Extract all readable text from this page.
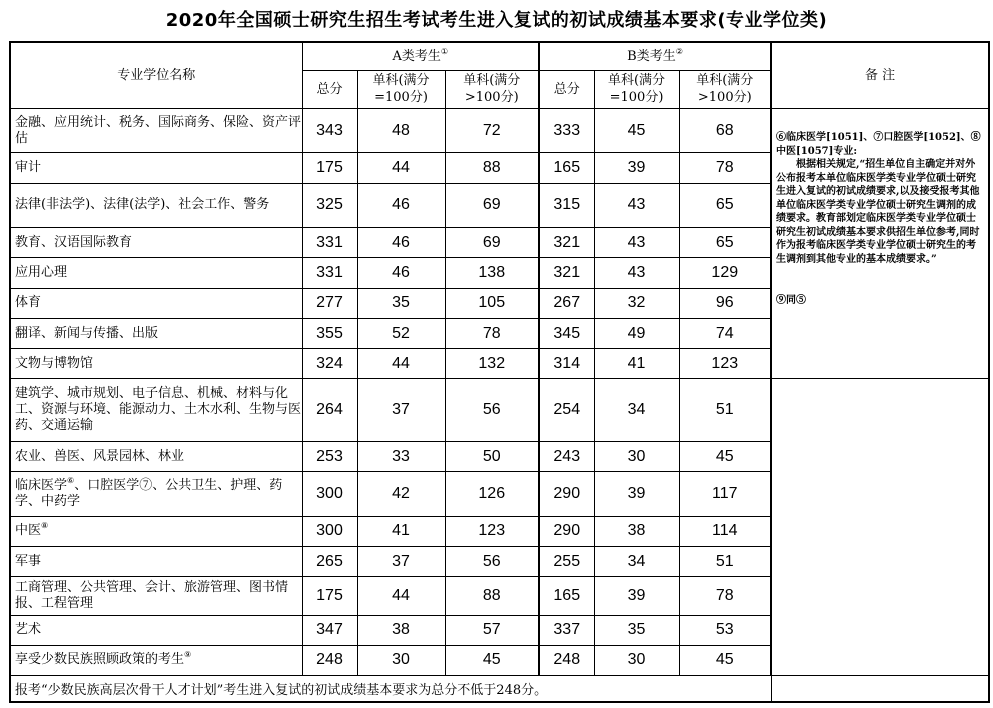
2020年全国硕士研究生招生考试考生进入复试的初试成绩基本要求(专业学位类)
专业学位名称	A类考生①			B类考生②			备 注
	总分	单科(满分=100分)	单科(满分>100分)	总分	单科(满分=100分)	单科(满分>100分)	
金融、应用统计、税务、国际商务、保险、资产评估	343	48	72	333	45	68	⑥临床医学[1051]、⑦口腔医学[1052]、⑧中医[1057]专业:

根据相关规定,“招生单位自主确定并对外公布报考本单位临床医学类专业学位硕士研究生进入复试的初试成绩要求,以及接受报考其他单位临床医学类专业学位硕士研究生调剂的成绩要求。教育部划定临床医学类专业学位硕士研究生初试成绩基本要求供招生单位参考,同时作为报考临床医学类专业学位硕士研究生的考生调剂到其他专业的基本成绩要求。”

⑨同⑤

审计	175	44	88	165	39	78	
法律(非法学)、法律(法学)、社会工作、警务	325	46	69	315	43	65	
教育、汉语国际教育	331	46	69	321	43	65	
应用心理	331	46	138	321	43	129	
体育	277	35	105	267	32	96	
翻译、新闻与传播、出版	355	52	78	345	49	74	
文物与博物馆	324	44	132	314	41	123	
建筑学、城市规划、电子信息、机械、材料与化工、资源与环境、能源动力、土木水利、生物与医药、交通运输	264	37	56	254	34	51	
农业、兽医、风景园林、林业	253	33	50	243	30	45	
临床医学⑥、口腔医学⑦、公共卫生、护理、药学、中药学	300	42	126	290	39	117	
中医⑧	300	41	123	290	38	114	
军事	265	37	56	255	34	51	
工商管理、公共管理、会计、旅游管理、图书情报、工程管理	175	44	88	165	39	78	
艺术	347	38	57	337	35	53	
享受少数民族照顾政策的考生⑨	248	30	45	248	30	45	
报考“少数民族高层次骨干人才计划”考生进入复试的初试成绩基本要求为总分不低于248分。							
